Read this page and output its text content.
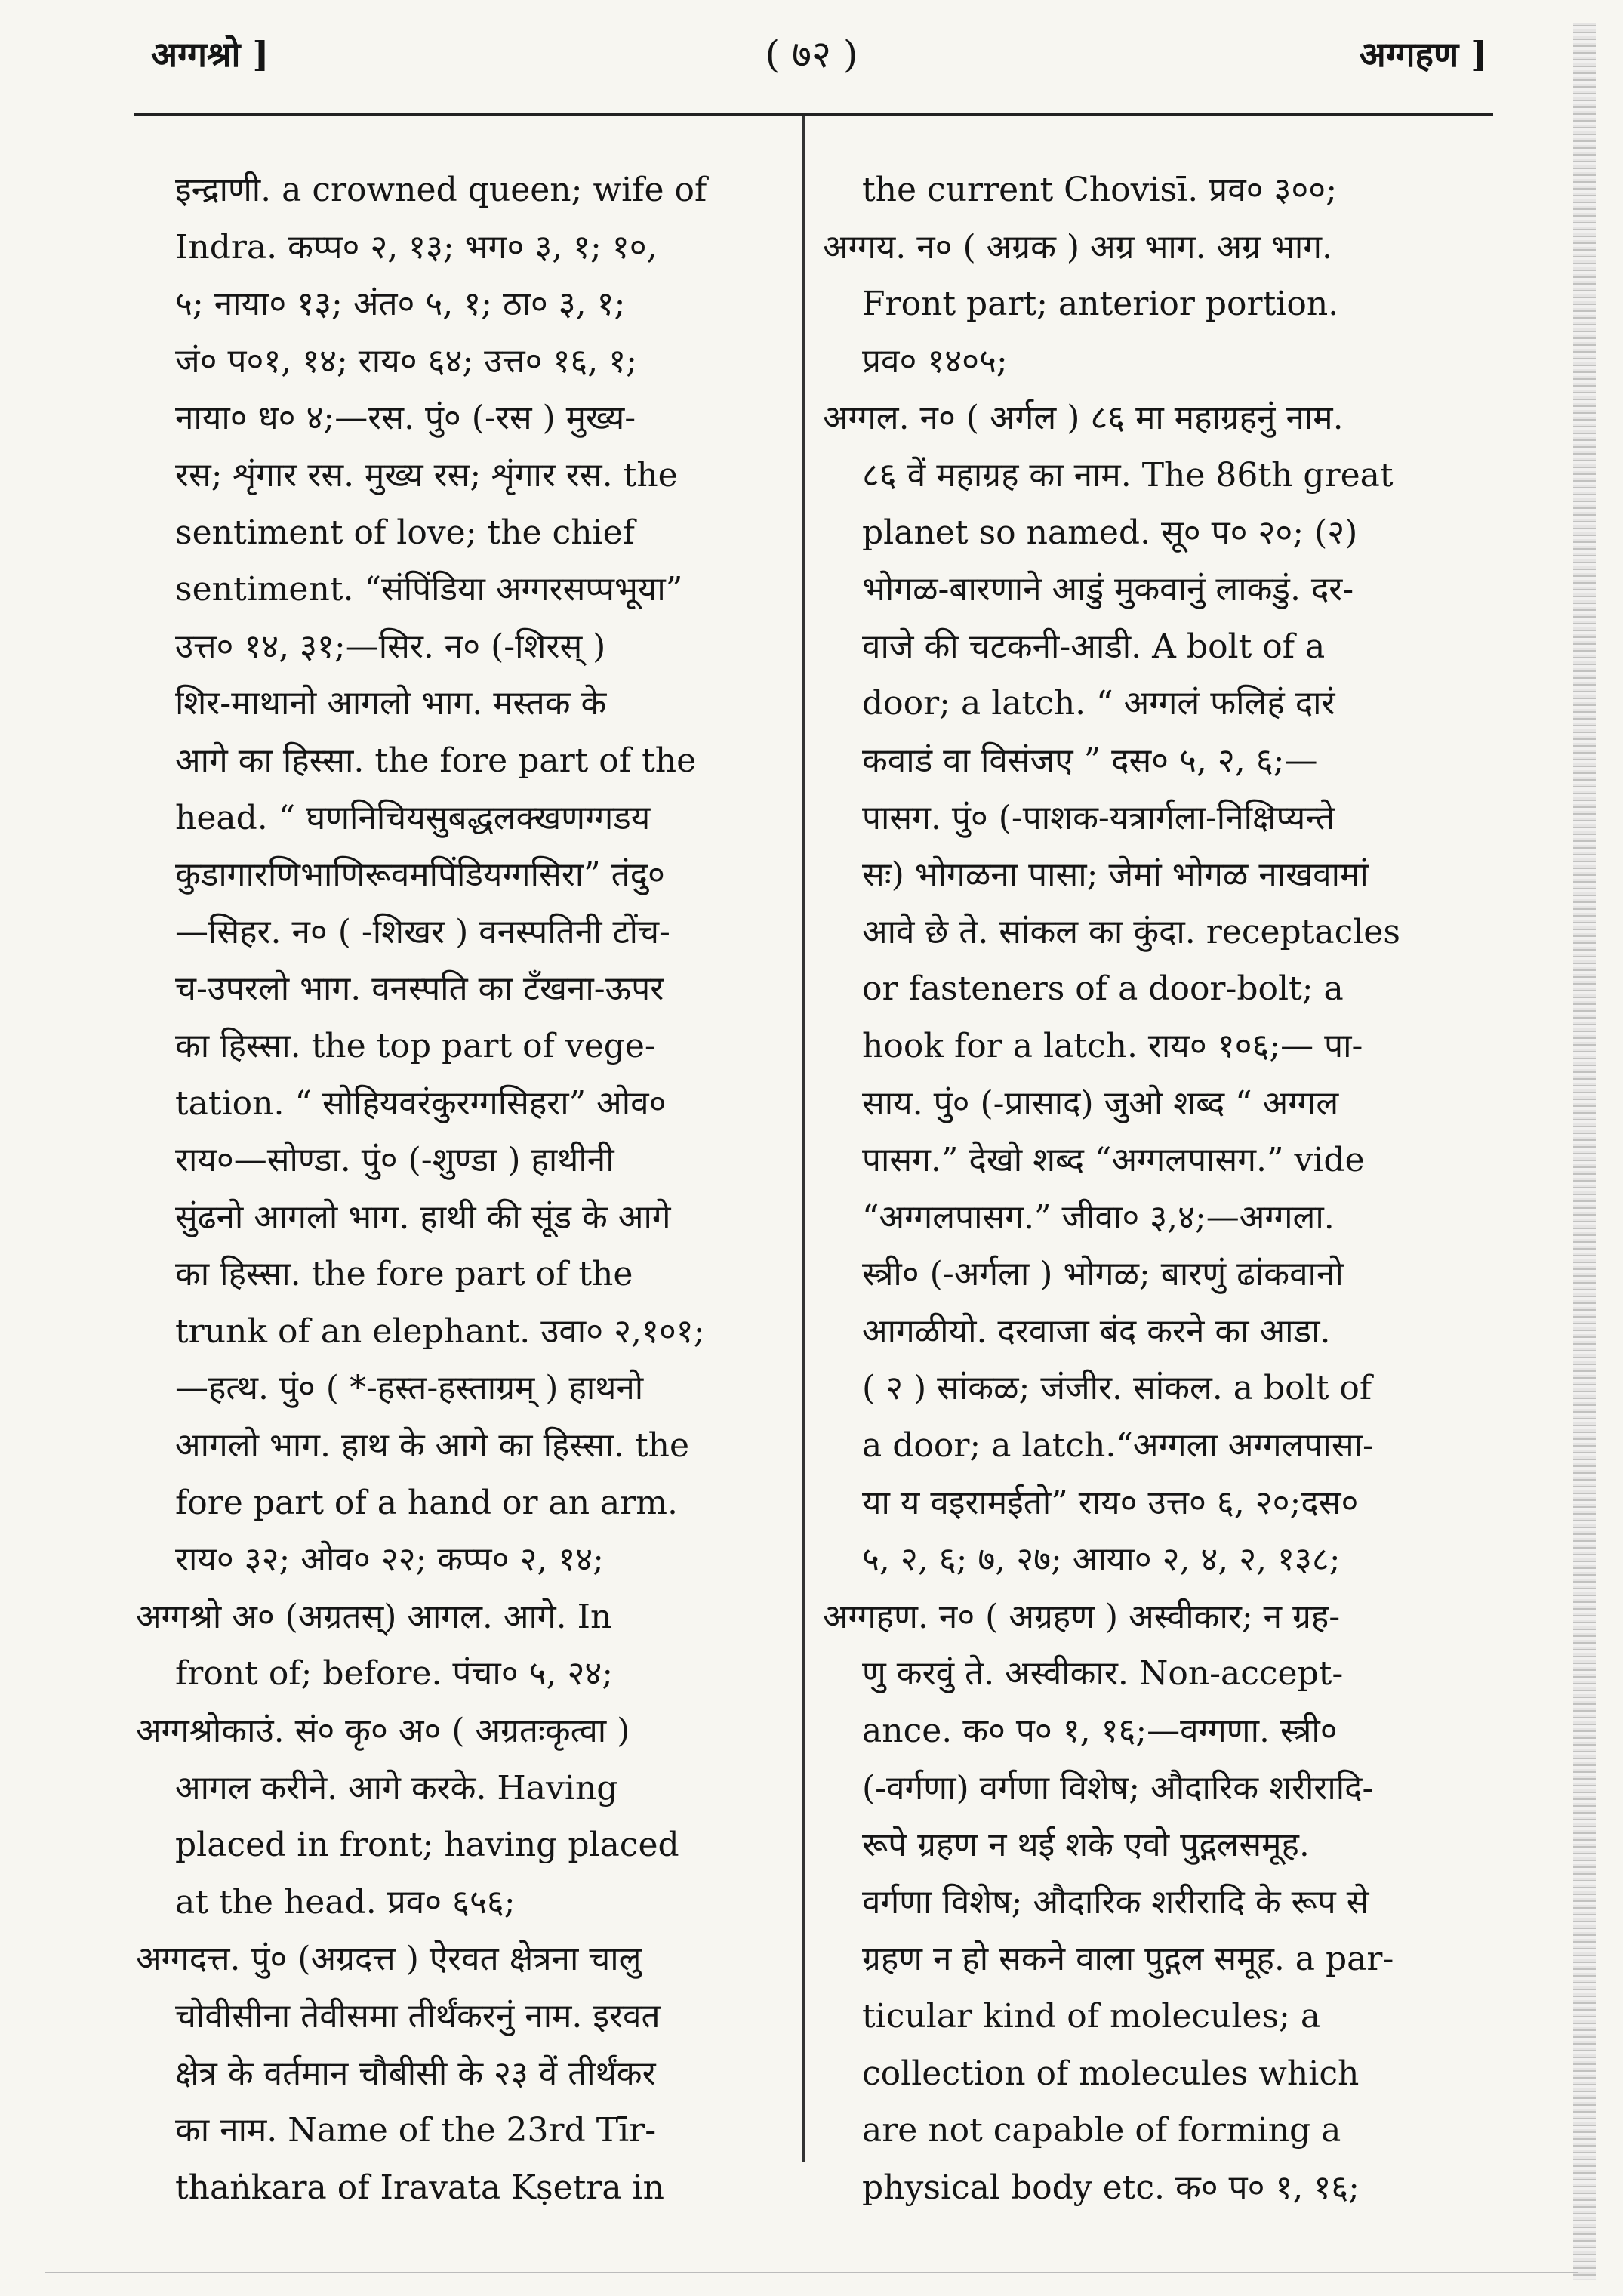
अग्गश्रो ]	( ७२ )	अग्गहण ]
इन्द्राणी. a crowned queen; wife of
Indra. कप्प० २, १३; भग० ३, १; १०,
५; नाया० १३; अंत० ५, १; ठा० ३, १;
जं० प०१, १४; राय० ६४; उत्त० १६, १;
नाया० ध० ४;—रस. पुं० (-रस ) मुख्य-
रस; शृंगार रस. मुख्य रस; शृंगार रस. the
sentiment of love; the chief
sentiment. “संपिंडिया अग्गरसप्पभूया”
उत्त० १४, ३१;—सिर. न० (-शिरस् )
शिर-माथानो आगलो भाग. मस्तक के
आगे का हिस्सा. the fore part of the
head. “ घणनिचियसुबद्धलक्खणग्गडय
कुडागारणिभाणिरूवमपिंडियग्गसिरा” तंदु०
—सिहर. न० ( -शिखर ) वनस्पतिनी टोंच-
च-उपरलो भाग. वनस्पति का टँखना-ऊपर
का हिस्सा. the top part of vege-
tation. “ सोहियवरंकुरग्गसिहरा” ओव०
राय०—सोण्डा. पुं० (-शुण्डा ) हाथीनी
सुंढनो आगलो भाग. हाथी की सूंड के आगे
का हिस्सा. the fore part of the
trunk of an elephant. उवा० २,१०१;
—हत्थ. पुं० ( *-हस्त-हस्ताग्रम् ) हाथनो
आगलो भाग. हाथ के आगे का हिस्सा. the
fore part of a hand or an arm.
राय० ३२; ओव० २२; कप्प० २, १४;
अग्गश्रो अ० (अग्रतस्) आगल. आगे. In
front of; before. पंचा० ५, २४;
अग्गश्रोकाउं. सं० कृ० अ० ( अग्रतःकृत्वा )
आगल करीने. आगे करके. Having
placed in front; having placed
at the head. प्रव० ६५६;
अग्गदत्त. पुं० (अग्रदत्त ) ऐरवत क्षेत्रना चालु
चोवीसीना तेवीसमा तीर्थंकरनुं नाम. इरवत
क्षेत्र के वर्तमान चौबीसी के २३ वें तीर्थंकर
का नाम. Name of the 23rd Tīr-
thaṅkara of Iravata Kṣetra in
the current Chovisī. प्रव० ३००;
अग्गय. न० ( अग्रक ) अग्र भाग. अग्र भाग.
Front part; anterior portion.
प्रव० १४०५;
अग्गल. न० ( अर्गल ) ८६ मा महाग्रहनुं नाम.
८६ वें महाग्रह का नाम. The 86th great
planet so named. सू० प० २०; (२)
भोगळ-बारणाने आडुं मुकवानुं लाकडुं. दर-
वाजे की चटकनी-आडी. A bolt of a
door; a latch. “ अग्गलं फलिहं दारं
कवाडं वा विसंजए ” दस० ५, २, ६;—
पासग. पुं० (-पाशक-यत्रार्गला-निक्षिप्यन्ते
सः) भोगळना पासा; जेमां भोगळ नाखवामां
आवे छे ते. सांकल का कुंदा. receptacles
or fasteners of a door-bolt; a
hook for a latch. राय० १०६;— पा-
साय. पुं० (-प्रासाद) जुओ शब्द “ अग्गल
पासग.” देखो शब्द “अग्गलपासग.” vide
“अग्गलपासग.” जीवा० ३,४;—अग्गला.
स्त्री० (-अर्गला ) भोगळ; बारणुं ढांकवानो
आगळीयो. दरवाजा बंद करने का आडा.
( २ ) सांकळ; जंजीर. सांकल. a bolt of
a door; a latch.“अग्गला अग्गलपासा-
या य वइरामईतो” राय० उत्त० ६, २०;दस०
५, २, ६; ७, २७; आया० २, ४, २, १३८;
अग्गहण. न० ( अग्रहण ) अस्वीकार; न ग्रह-
णु करवुं ते. अस्वीकार. Non-accept-
ance. क० प० १, १६;—वग्गणा. स्त्री०
(-वर्गणा) वर्गणा विशेष; औदारिक शरीरादि-
रूपे ग्रहण न थई शके एवो पुद्गलसमूह.
वर्गणा विशेष; औदारिक शरीरादि के रूप से
ग्रहण न हो सकने वाला पुद्गल समूह. a par-
ticular kind of molecules; a
collection of molecules which
are not capable of forming a
physical body etc. क० प० १, १६;
